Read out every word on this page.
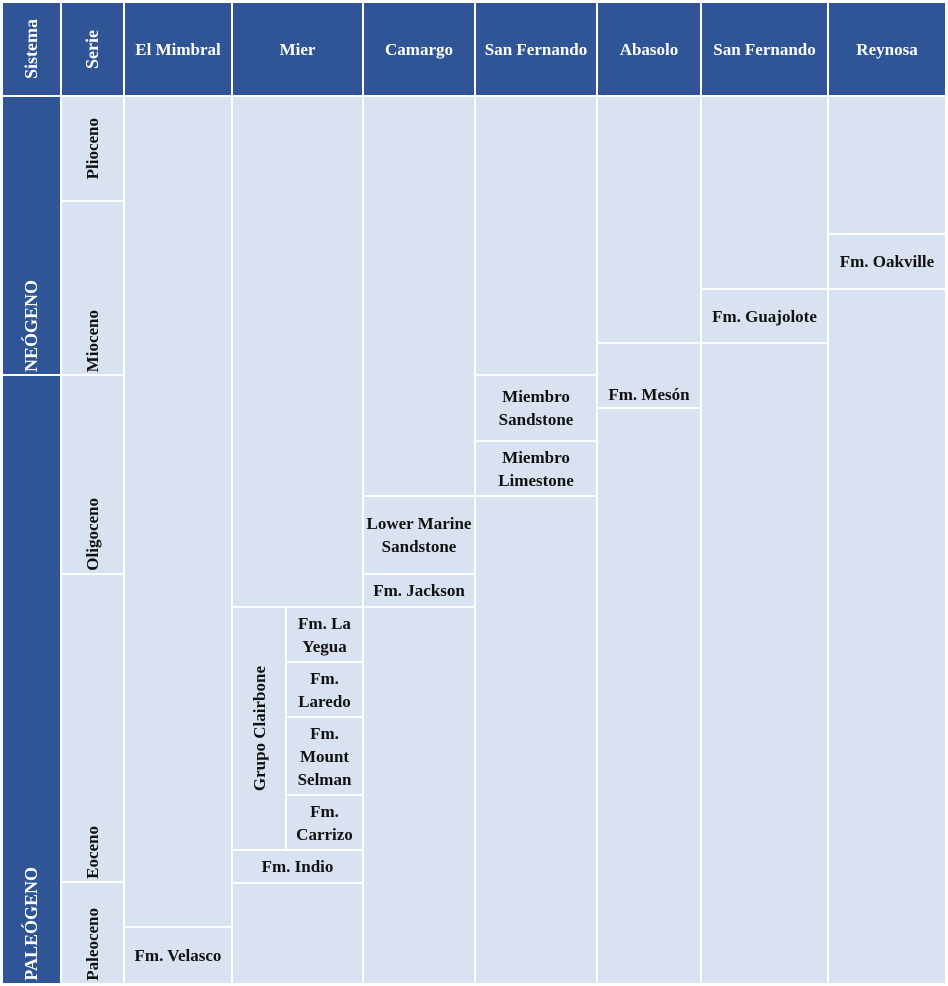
Sistema Serie El Mimbral	Mier	Camargo San Fernando Abasolo San Fernando Reynosa
NEÓGENO
PALEÓGENO
Plioceno
Mioceno
Oligoceno
Eoceno
Paleoceno Fm. Velasco
Grupo Clairbone
Fm. La Yegua
Fm. Laredo
Fm. Mount Selman
Fm. Carrizo
Fm. Indio
Lower Marine Sandstone
Fm. Jackson
Miembro Sandstone
Miembro Limestone
Fm. Mesón
Fm. Guajolote
Fm. Oakville
